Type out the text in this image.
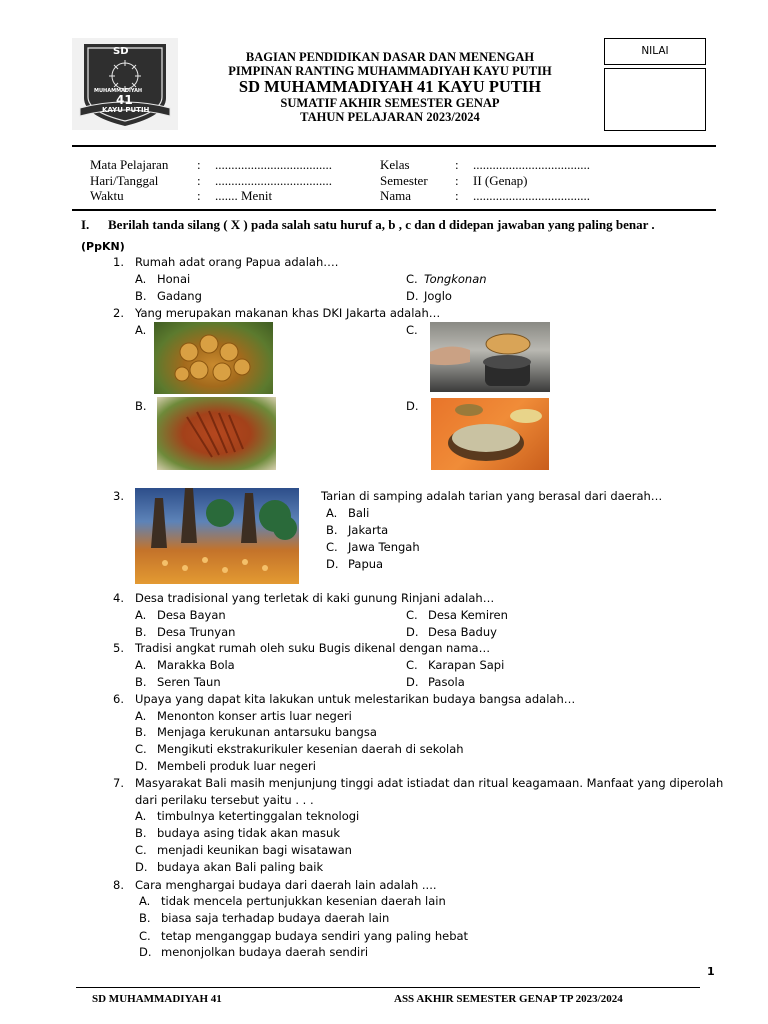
SD
MUHAMMADIYAH
41
KAYU PUTIH
BAGIAN PENDIDIKAN DASAR DAN MENENGAH
PIMPINAN RANTING MUHAMMADIYAH KAYU PUTIH
SD MUHAMMADIYAH 41 KAYU PUTIH
SUMATIF AKHIR SEMESTER GENAP
TAHUN PELAJARAN 2023/2024
NILAI
Mata Pelajaran : ....................................	Kelas	: ....................................
Hari/Tanggal	: ....................................	Semester : II (Genap)
Waktu	: ....... Menit	Nama	: ....................................
I. Berilah tanda silang ( X ) pada salah satu huruf a, b , c dan d didepan jawaban yang paling benar .
(PpKN)
1. Rumah adat orang Papua adalah….
A. Honai
B. Gadang
C. Tongkonan
D. Joglo
2. Yang merupakan makanan khas DKI Jakarta adalah…
A.
B.
C.
D.
3.	Tarian di samping adalah tarian yang berasal dari daerah…
A. Bali
B. Jakarta
C. Jawa Tengah
D. Papua
4. Desa tradisional yang terletak di kaki gunung Rinjani adalah…
A. Desa Bayan
B. Desa Trunyan
C. Desa Kemiren
D. Desa Baduy
5. Tradisi angkat rumah oleh suku Bugis dikenal dengan nama…
A. Marakka Bola
B. Seren Taun
C. Karapan Sapi
D. Pasola
6. Upaya yang dapat kita lakukan untuk melestarikan budaya bangsa adalah…
A. Menonton konser artis luar negeri
B. Menjaga kerukunan antarsuku bangsa
C. Mengikuti ekstrakurikuler kesenian daerah di sekolah
D. Membeli produk luar negeri
7. Masyarakat Bali masih menjunjung tinggi adat istiadat dan ritual keagamaan. Manfaat yang diperolah
dari perilaku tersebut yaitu . . .
A. timbulnya ketertinggalan teknologi
B. budaya asing tidak akan masuk
C. menjadi keunikan bagi wisatawan
D. budaya akan Bali paling baik
8. Cara menghargai budaya dari daerah lain adalah ....
A. tidak mencela pertunjukkan kesenian daerah lain
B. biasa saja terhadap budaya daerah lain
C. tetap menganggap budaya sendiri yang paling hebat
D. menonjolkan budaya daerah sendiri
1
SD MUHAMMADIYAH 41	ASS AKHIR SEMESTER GENAP TP 2023/2024
